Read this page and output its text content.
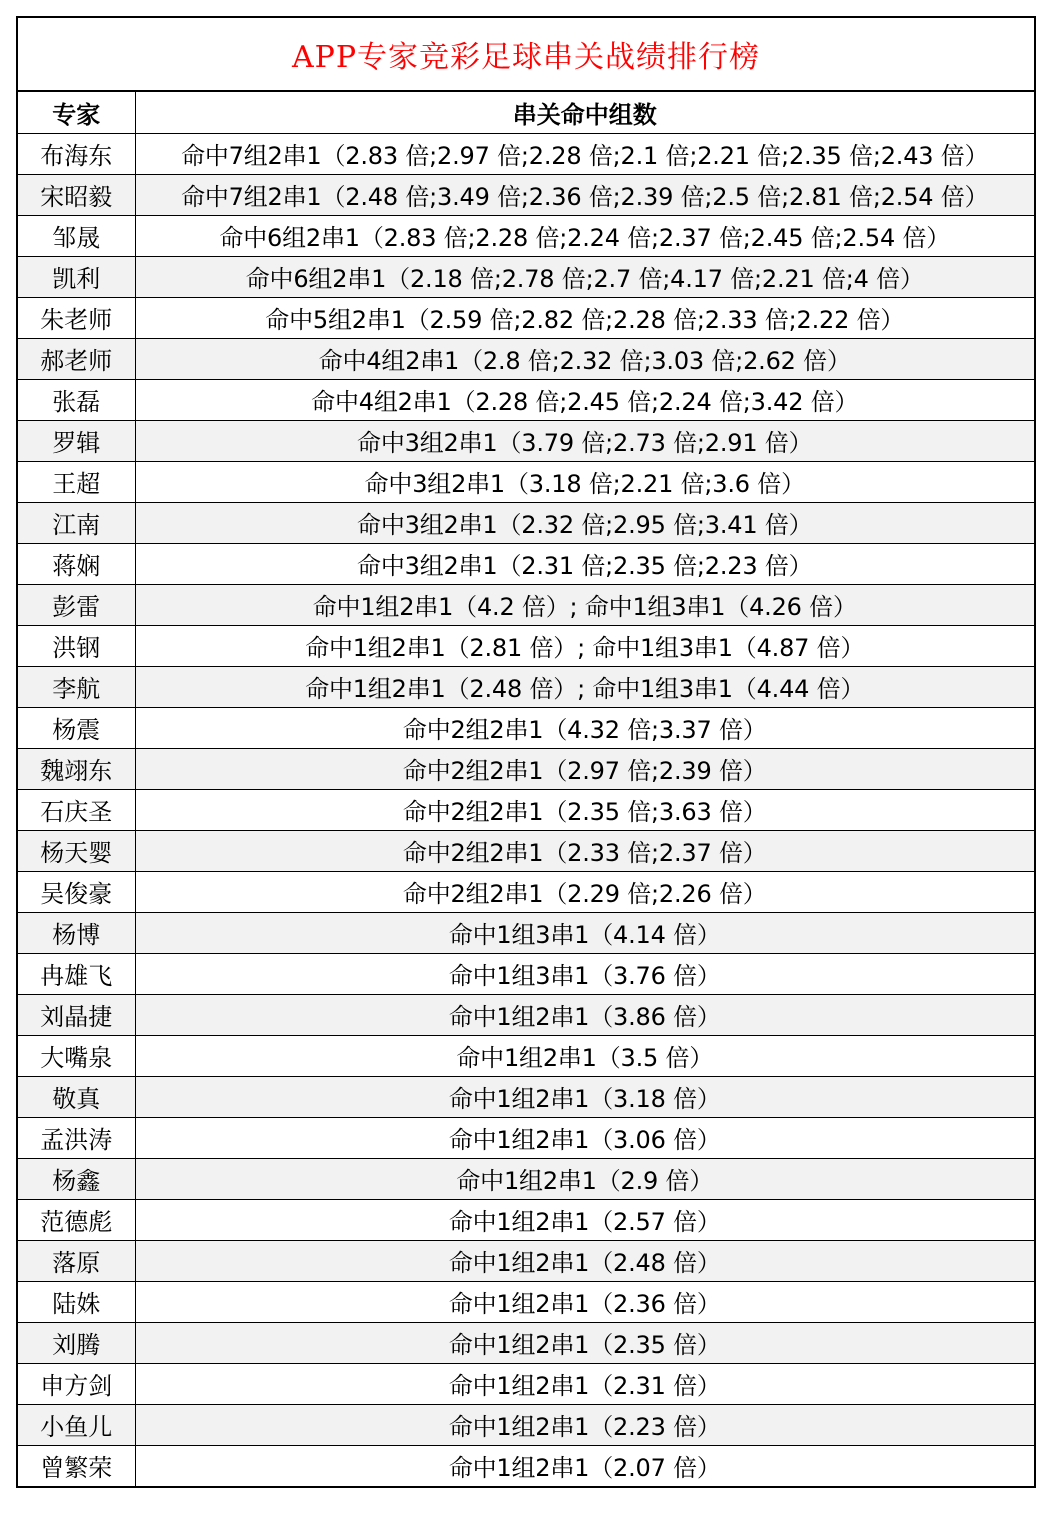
APP专家竞彩足球串关战绩排行榜
专家	串关命中组数
布海东	命中7组2串1（2.83 倍;2.97 倍;2.28 倍;2.1 倍;2.21 倍;2.35 倍;2.43 倍）
宋昭毅	命中7组2串1（2.48 倍;3.49 倍;2.36 倍;2.39 倍;2.5 倍;2.81 倍;2.54 倍）
邹晟	命中6组2串1（2.83 倍;2.28 倍;2.24 倍;2.37 倍;2.45 倍;2.54 倍）
凯利	命中6组2串1（2.18 倍;2.78 倍;2.7 倍;4.17 倍;2.21 倍;4 倍）
朱老师	命中5组2串1（2.59 倍;2.82 倍;2.28 倍;2.33 倍;2.22 倍）
郝老师	命中4组2串1（2.8 倍;2.32 倍;3.03 倍;2.62 倍）
张磊	命中4组2串1（2.28 倍;2.45 倍;2.24 倍;3.42 倍）
罗辑	命中3组2串1（3.79 倍;2.73 倍;2.91 倍）
王超	命中3组2串1（3.18 倍;2.21 倍;3.6 倍）
江南	命中3组2串1（2.32 倍;2.95 倍;3.41 倍）
蒋娴	命中3组2串1（2.31 倍;2.35 倍;2.23 倍）
彭雷	命中1组2串1（4.2 倍）; 命中1组3串1（4.26 倍）
洪钢	命中1组2串1（2.81 倍）; 命中1组3串1（4.87 倍）
李航	命中1组2串1（2.48 倍）; 命中1组3串1（4.44 倍）
杨震	命中2组2串1（4.32 倍;3.37 倍）
魏翊东	命中2组2串1（2.97 倍;2.39 倍）
石庆圣	命中2组2串1（2.35 倍;3.63 倍）
杨天婴	命中2组2串1（2.33 倍;2.37 倍）
吴俊豪	命中2组2串1（2.29 倍;2.26 倍）
杨博	命中1组3串1（4.14 倍）
冉雄飞	命中1组3串1（3.76 倍）
刘晶捷	命中1组2串1（3.86 倍）
大嘴泉	命中1组2串1（3.5 倍）
敬真	命中1组2串1（3.18 倍）
孟洪涛	命中1组2串1（3.06 倍）
杨鑫	命中1组2串1（2.9 倍）
范德彪	命中1组2串1（2.57 倍）
落原	命中1组2串1（2.48 倍）
陆姝	命中1组2串1（2.36 倍）
刘腾	命中1组2串1（2.35 倍）
申方剑	命中1组2串1（2.31 倍）
小鱼儿	命中1组2串1（2.23 倍）
曾繁荣	命中1组2串1（2.07 倍）
